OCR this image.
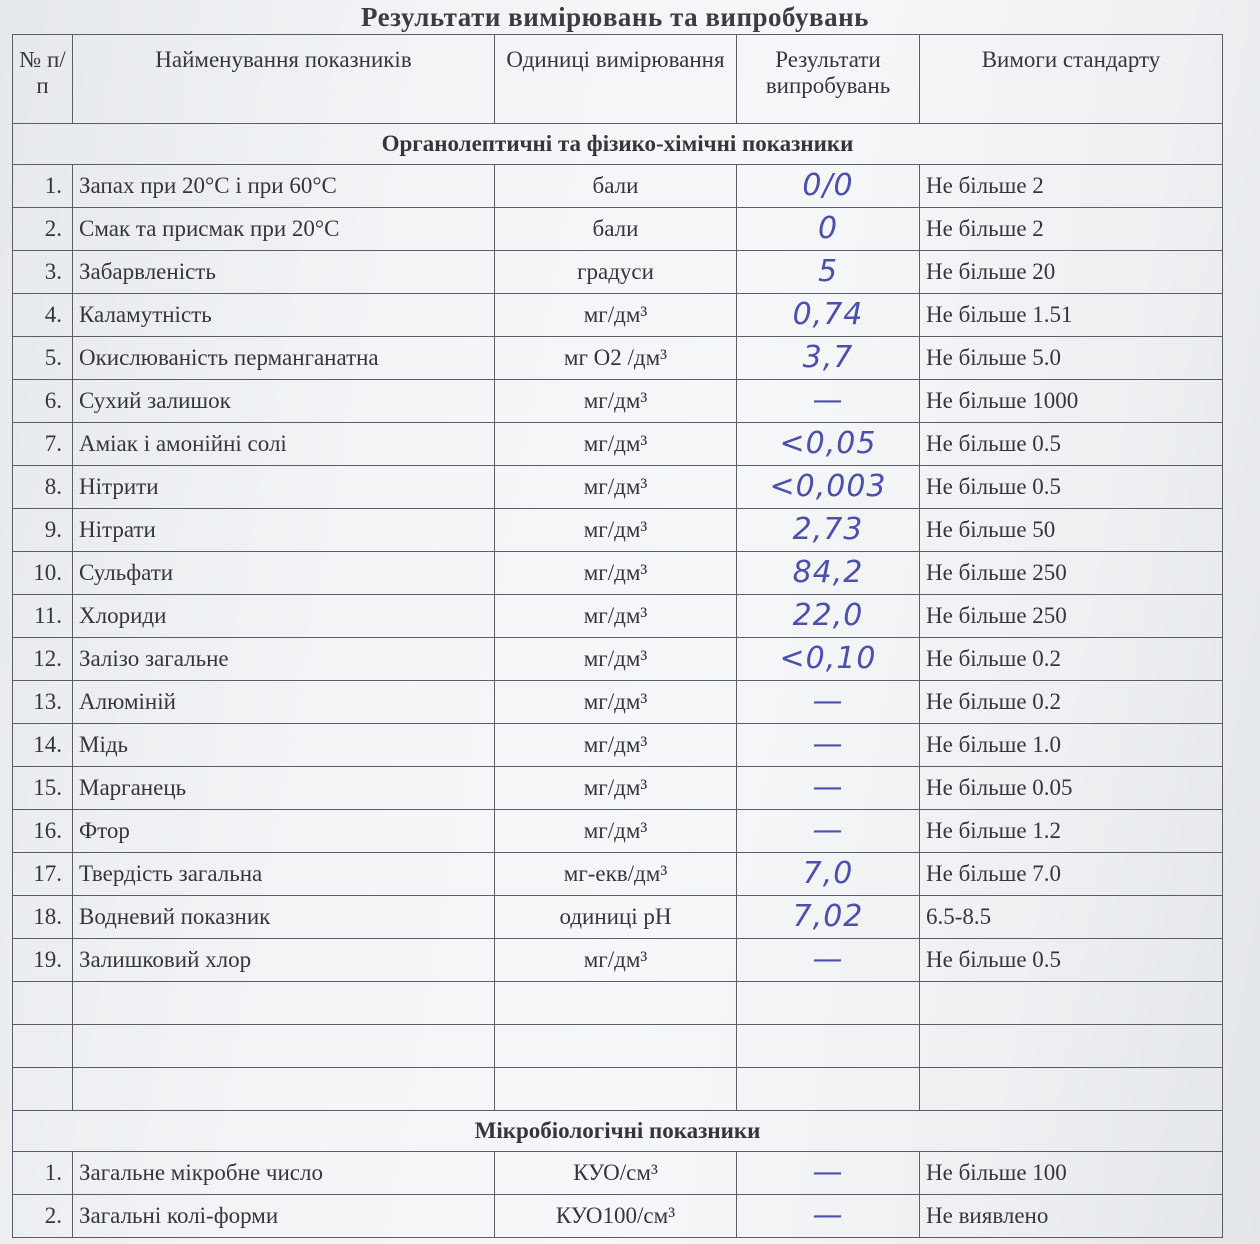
Результати вимірювань та випробувань
№ п/п	Найменування показників	Одиниці вимірювання	Результати випробувань	Вимоги стандарту
Органолептичні та фізико-хімічні показники				
1.	Запах при 20°С і при 60°С	бали	0/0	Не більше 2
2.	Смак та присмак при 20°С	бали	0	Не більше 2
3.	Забарвленість	градуси	5	Не більше 20
4.	Каламутність	мг/дм³	0,74	Не більше 1.51
5.	Окислюваність перманганатна	мг О2 /дм³	3,7	Не більше 5.0
6.	Сухий залишок	мг/дм³	—	Не більше 1000
7.	Аміак і амонійні солі	мг/дм³	<0,05	Не більше 0.5
8.	Нітрити	мг/дм³	<0,003	Не більше 0.5
9.	Нітрати	мг/дм³	2,73	Не більше 50
10.	Сульфати	мг/дм³	84,2	Не більше 250
11.	Хлориди	мг/дм³	22,0	Не більше 250
12.	Залізо загальне	мг/дм³	<0,10	Не більше 0.2
13.	Алюміній	мг/дм³	—	Не більше 0.2
14.	Мідь	мг/дм³	—	Не більше 1.0
15.	Марганець	мг/дм³	—	Не більше 0.05
16.	Фтор	мг/дм³	—	Не більше 1.2
17.	Твердість загальна	мг-екв/дм³	7,0	Не більше 7.0
18.	Водневий показник	одиниці pH	7,02	6.5-8.5
19.	Залишковий хлор	мг/дм³	—	Не більше 0.5

Мікробіологічні показники				
1.	Загальне мікробне число	КУО/см³	—	Не більше 100
2.	Загальні колі-форми	КУО100/см³	—	Не виявлено
